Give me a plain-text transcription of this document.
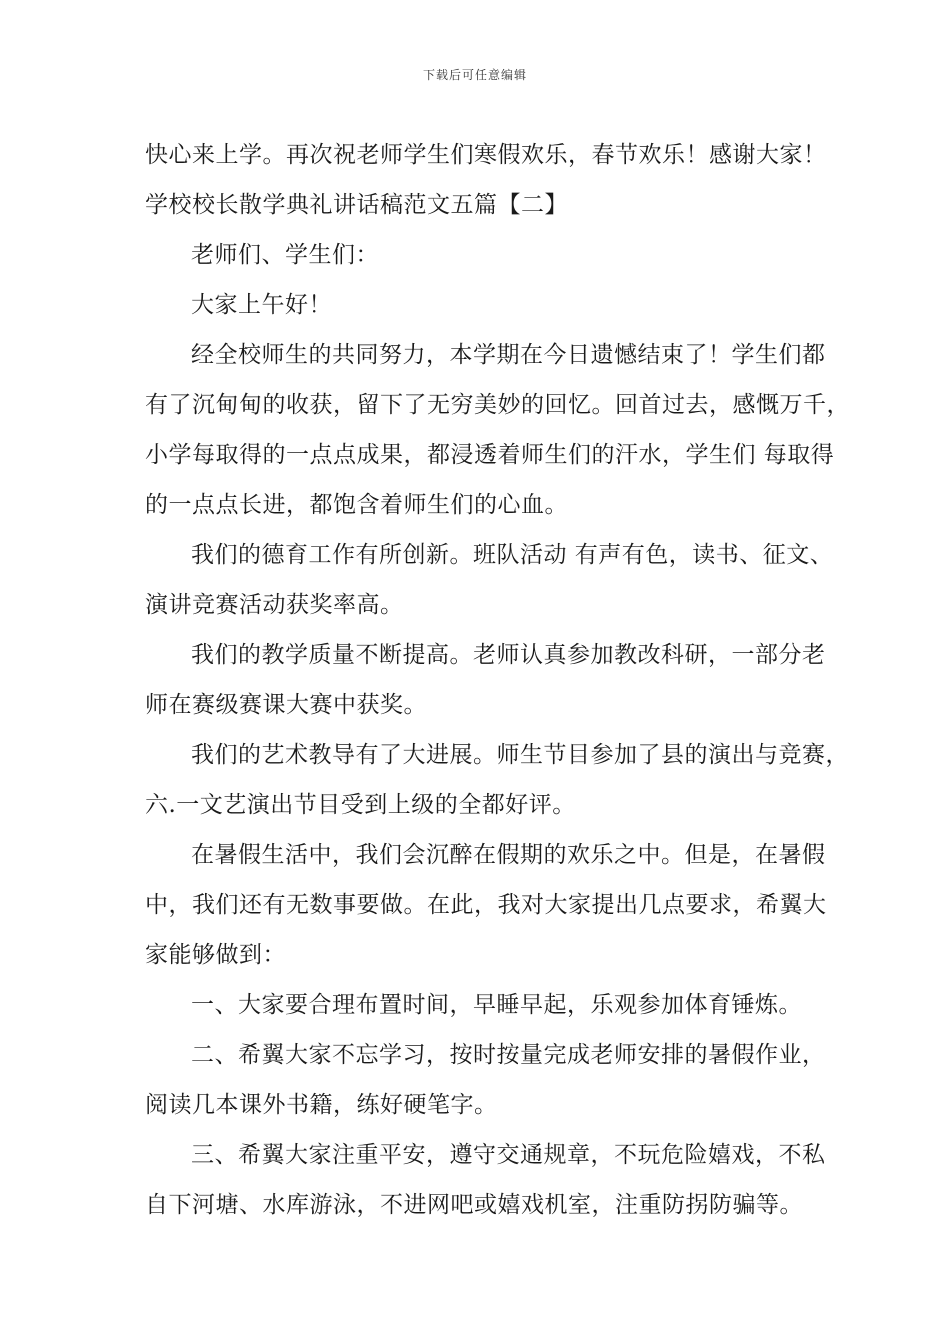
下载后可任意编辑
快心来上学。再次祝老师学生们寒假欢乐，春节欢乐！感谢大家！
学校校长散学典礼讲话稿范文五篇【二】
老师们、学生们：
大家上午好！
经全校师生的共同努力，本学期在今日遗憾结束了！学生们都
有了沉甸甸的收获，留下了无穷美妙的回忆。回首过去，感慨万千，
小学每取得的一点点成果，都浸透着师生们的汗水，学生们 每取得
的一点点长进，都饱含着师生们的心血。
我们的德育工作有所创新。班队活动 有声有色，读书、征文、
演讲竞赛活动获奖率高。
我们的教学质量不断提高。老师认真参加教改科研，一部分老
师在赛级赛课大赛中获奖。
我们的艺术教导有了大进展。师生节目参加了县的演出与竞赛，
六.一文艺演出节目受到上级的全都好评。
在暑假生活中，我们会沉醉在假期的欢乐之中。但是，在暑假
中，我们还有无数事要做。在此，我对大家提出几点要求，希翼大
家能够做到：
一、大家要合理布置时间，早睡早起，乐观参加体育锤炼。
二、希翼大家不忘学习，按时按量完成老师安排的暑假作业，
阅读几本课外书籍，练好硬笔字。
三、希翼大家注重平安，遵守交通规章，不玩危险嬉戏，不私
自下河塘、水库游泳，不进网吧或嬉戏机室，注重防拐防骗等。
